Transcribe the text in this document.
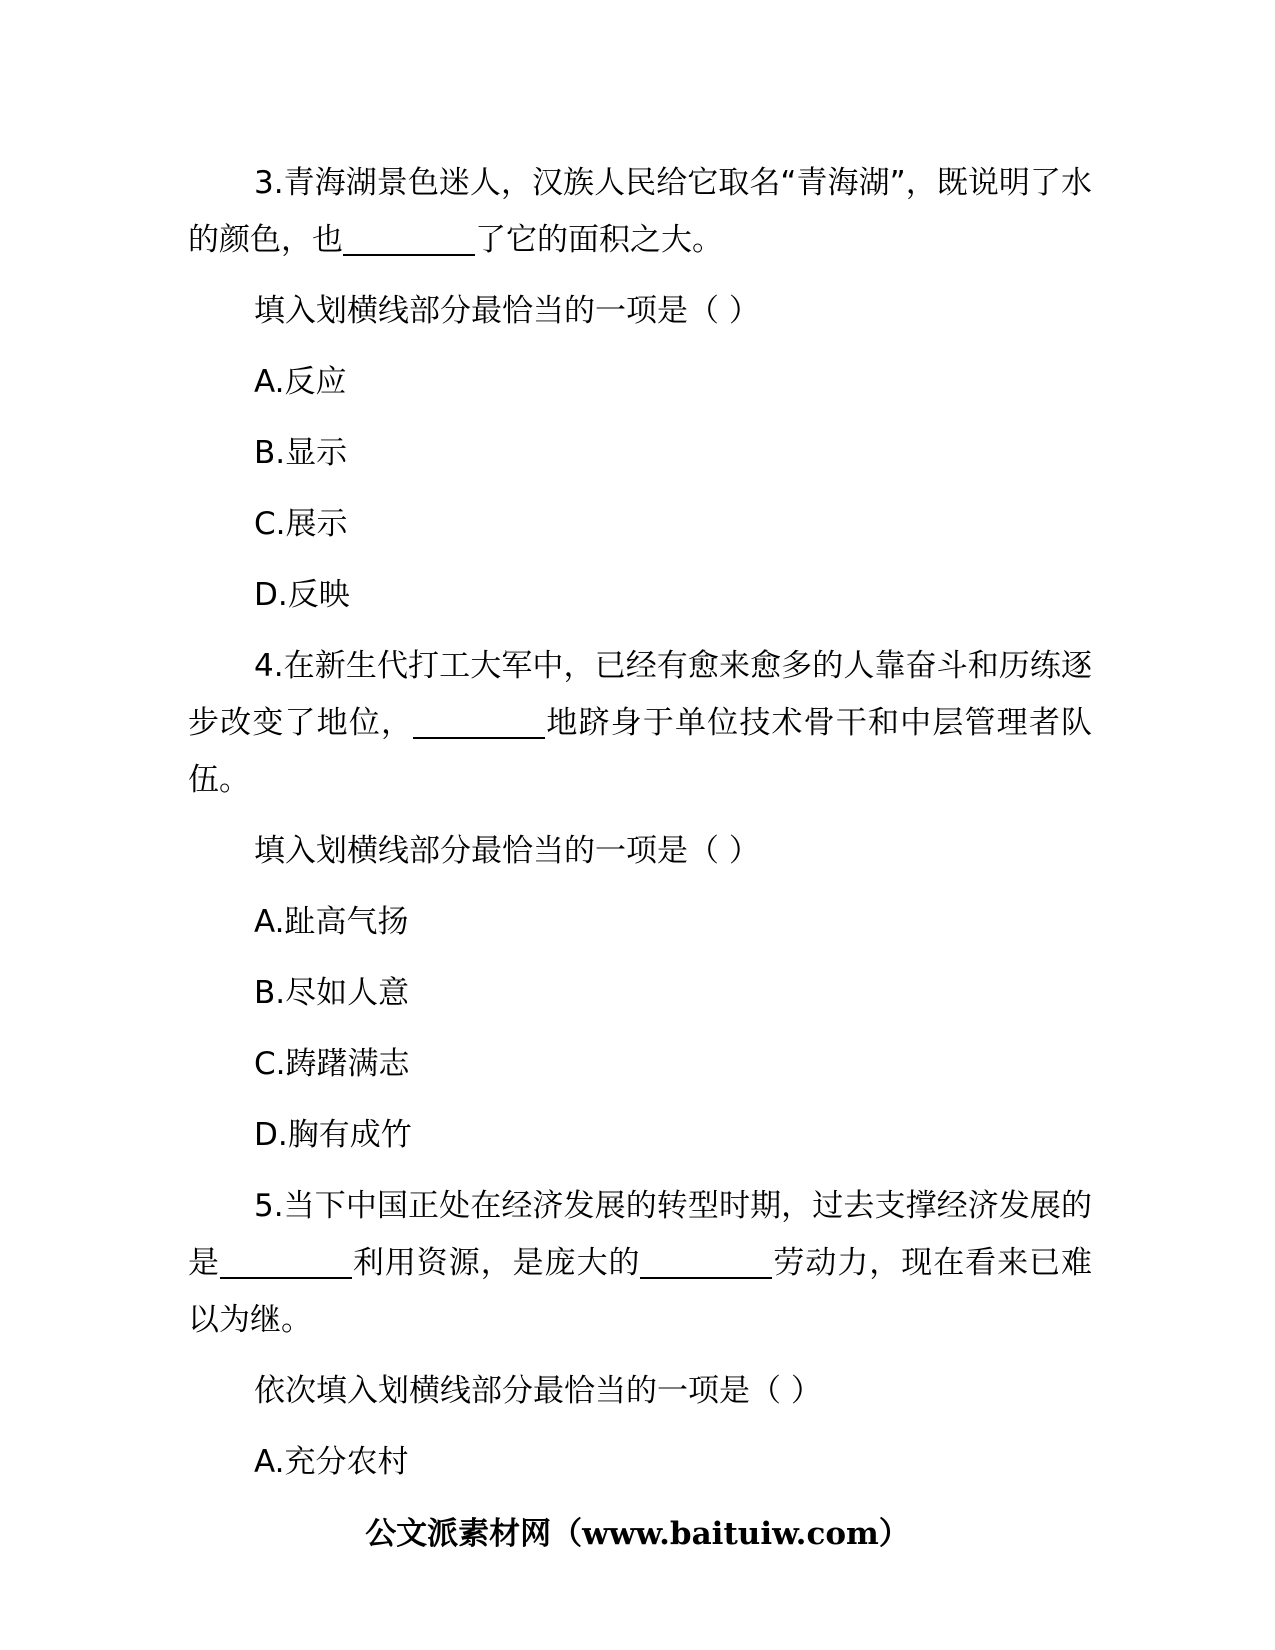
3.青海湖景色迷人，汉族人民给它取名“青海湖”，既说明了水的颜色，也	了它的面积之大。

填入划横线部分最恰当的一项是（ ）

A.反应

B.显示

C.展示

D.反映

4.在新生代打工大军中，已经有愈来愈多的人靠奋斗和历练逐步改变了地位，	地跻身于单位技术骨干和中层管理者队伍。

填入划横线部分最恰当的一项是（ ）

A.趾高气扬

B.尽如人意

C.踌躇满志

D.胸有成竹

5.当下中国正处在经济发展的转型时期，过去支撑经济发展的是	利用资源，是庞大的	劳动力，现在看来已难以为继。

依次填入划横线部分最恰当的一项是（ ）

A.充分农村

公文派素材网（www.baituiw.com）
